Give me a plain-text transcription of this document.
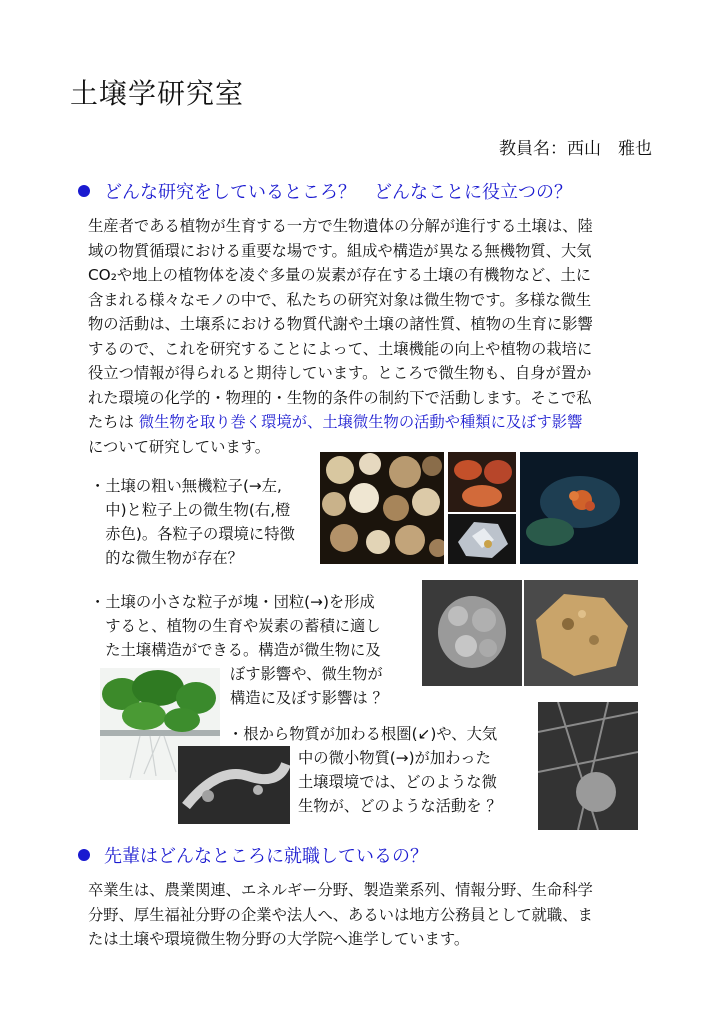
土壌学研究室
教員名：西山　雅也
どんな研究をしているところ？　どんなことに役立つの？

生産者である植物が生育する一方で生物遺体の分解が進行する土壌は、陸

域の物質循環における重要な場です。組成や構造が異なる無機物質、大気

CO₂や地上の植物体を凌ぐ多量の炭素が存在する土壌の有機物など、土に

含まれる様々なモノの中で、私たちの研究対象は微生物です。多様な微生

物の活動は、土壌系における物質代謝や土壌の諸性質、植物の生育に影響

するので、これを研究することによって、土壌機能の向上や植物の栽培に

役立つ情報が得られると期待しています。ところで微生物も、自身が置か

れた環境の化学的・物理的・生物的条件の制約下で活動します。そこで私

たちは 微生物を取り巻く環境が、土壌微生物の活動や種類に及ぼす影響

について研究しています。

・土壌の粗い無機粒子(→左,

　中)と粒子上の微生物(右,橙

　赤色)。各粒子の環境に特徴

　的な微生物が存在？

・土壌の小さな粒子が塊・団粒(→)を形成

　すると、植物の生育や炭素の蓄積に適し

　た土壌構造ができる。構造が微生物に及

ぼす影響や、微生物が

構造に及ぼす影響は ？

・根から物質が加わる根圏(↙)や、大気

中の微小物質(→)が加わった

土壌環境では、どのような微

生物が、どのような活動を ？

先輩はどんなところに就職しているの？

卒業生は、農業関連、エネルギー分野、製造業系列、情報分野、生命科学

分野、厚生福祉分野の企業や法人へ、あるいは地方公務員として就職、ま

たは土壌や環境微生物分野の大学院へ進学しています。
